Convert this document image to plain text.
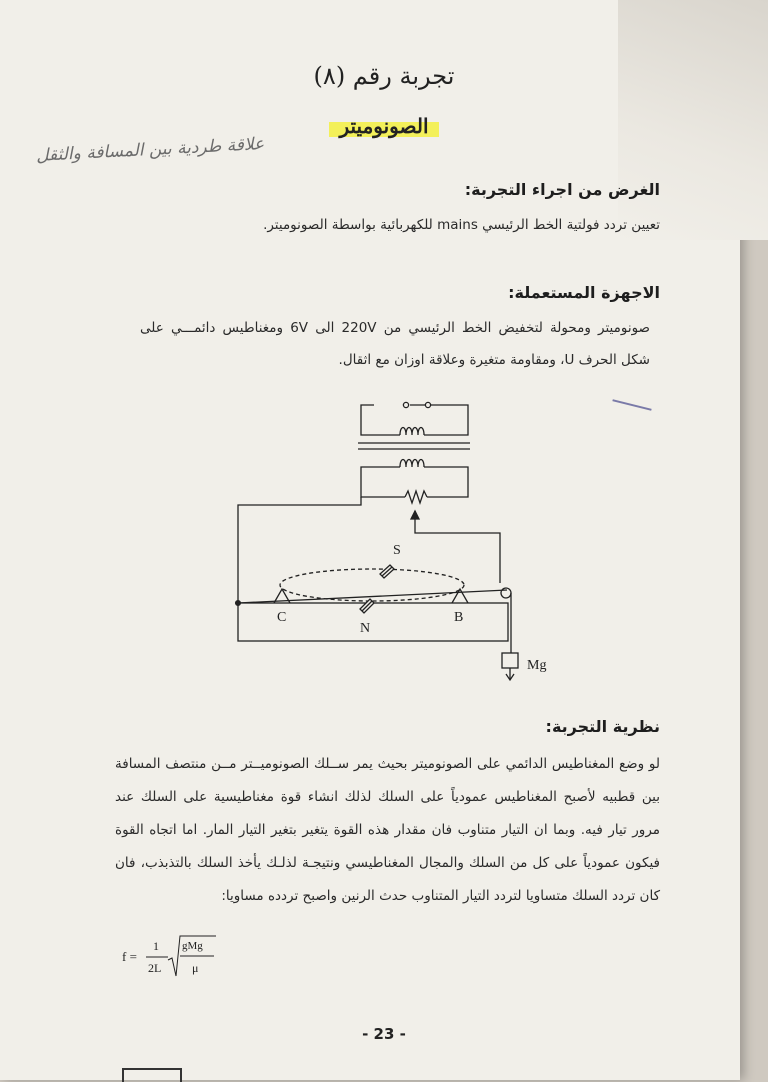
تجربة رقم (٨)
الصونوميتر
علاقة طردية بين المسافة والثقل
الغرض من اجراء التجربة:
تعيين تردد فولتية الخط الرئيسي mains للكهربائية بواسطة الصونوميتر.
الاجهزة المستعملة:
صونوميتر ومحولة لتخفيض الخط الرئيسي من 220V الى 6V ومغناطيس دائمـــي على شكل الحرف U، ومقاومة متغيرة وعلاقة اوزان مع اثقال.
S
C
N
B
Mg
نظرية التجربة:
لو وضع المغناطيس الدائمي على الصونوميتر بحيث يمر ســلك الصونوميــتر مــن منتصف المسافة بين قطبيه لأصبح المغناطيس عمودياً على السلك لذلك انشاء قوة مغناطيسية على السلك عند مرور تيار فيه. وبما ان التيار متناوب فان مقدار هذه القوة يتغير بتغير التيار المار. اما اتجاه القوة فيكون عمودياً على كل من السلك والمجال المغناطيسي ونتيجـة لذلـك يأخذ السلك بالتذبذب، فان كان تردد السلك متساويا لتردد التيار المتناوب حدث الرنين واصبح تردده مساويا:
f =
1
2L
gMg
μ
- 23 -
